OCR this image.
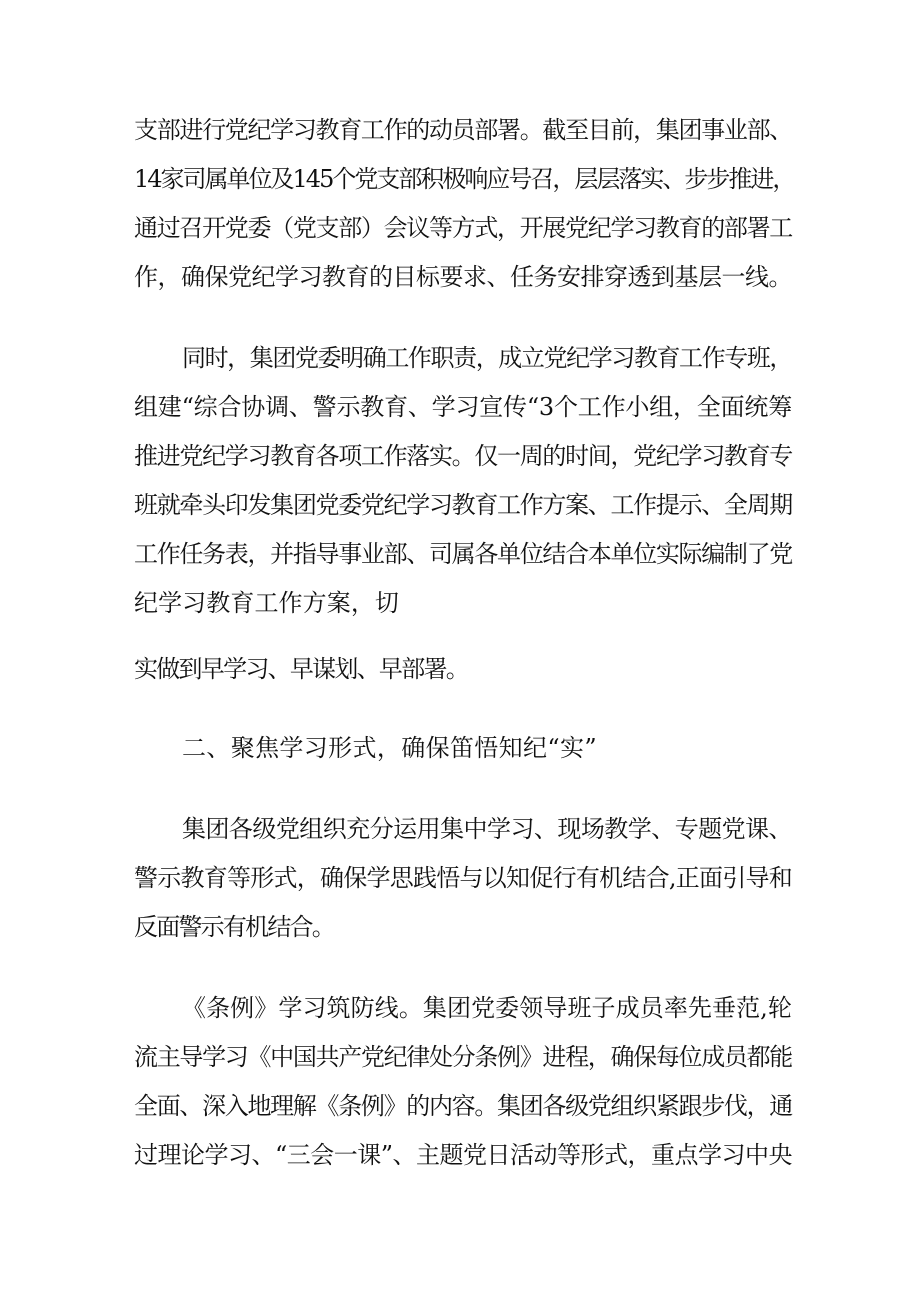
支部进行党纪学习教育工作的动员部署。截至目前，集团事业部、

14家司属单位及145个党支部积极响应号召，层层落实、步步推进，

通过召开党委（党支部）会议等方式，开展党纪学习教育的部署工

作，确保党纪学习教育的目标要求、任务安排穿透到基层一线。

同时，集团党委明确工作职责，成立党纪学习教育工作专班，

组建“综合协调、警示教育、学习宣传“3个工作小组，全面统筹

推进党纪学习教育各项工作落实。仅一周的时间，党纪学习教育专

班就牵头印发集团党委党纪学习教育工作方案、工作提示、全周期

工作任务表，并指导事业部、司属各单位结合本单位实际编制了党

纪学习教育工作方案，切

实做到早学习、早谋划、早部署。

二、聚焦学习形式，确保笛悟知纪“实”

集团各级党组织充分运用集中学习、现场教学、专题党课、

警示教育等形式，确保学思践悟与以知促行有机结合,正面引导和

反面警示有机结合。

《条例》学习筑防线。集团党委领导班子成员率先垂范,轮

流主导学习《中国共产党纪律处分条例》进程，确保每位成员都能

全面、深入地理解《条例》的内容。集团各级党组织紧跟步伐，通

过理论学习、“三会一课”、主题党日活动等形式，重点学习中央
